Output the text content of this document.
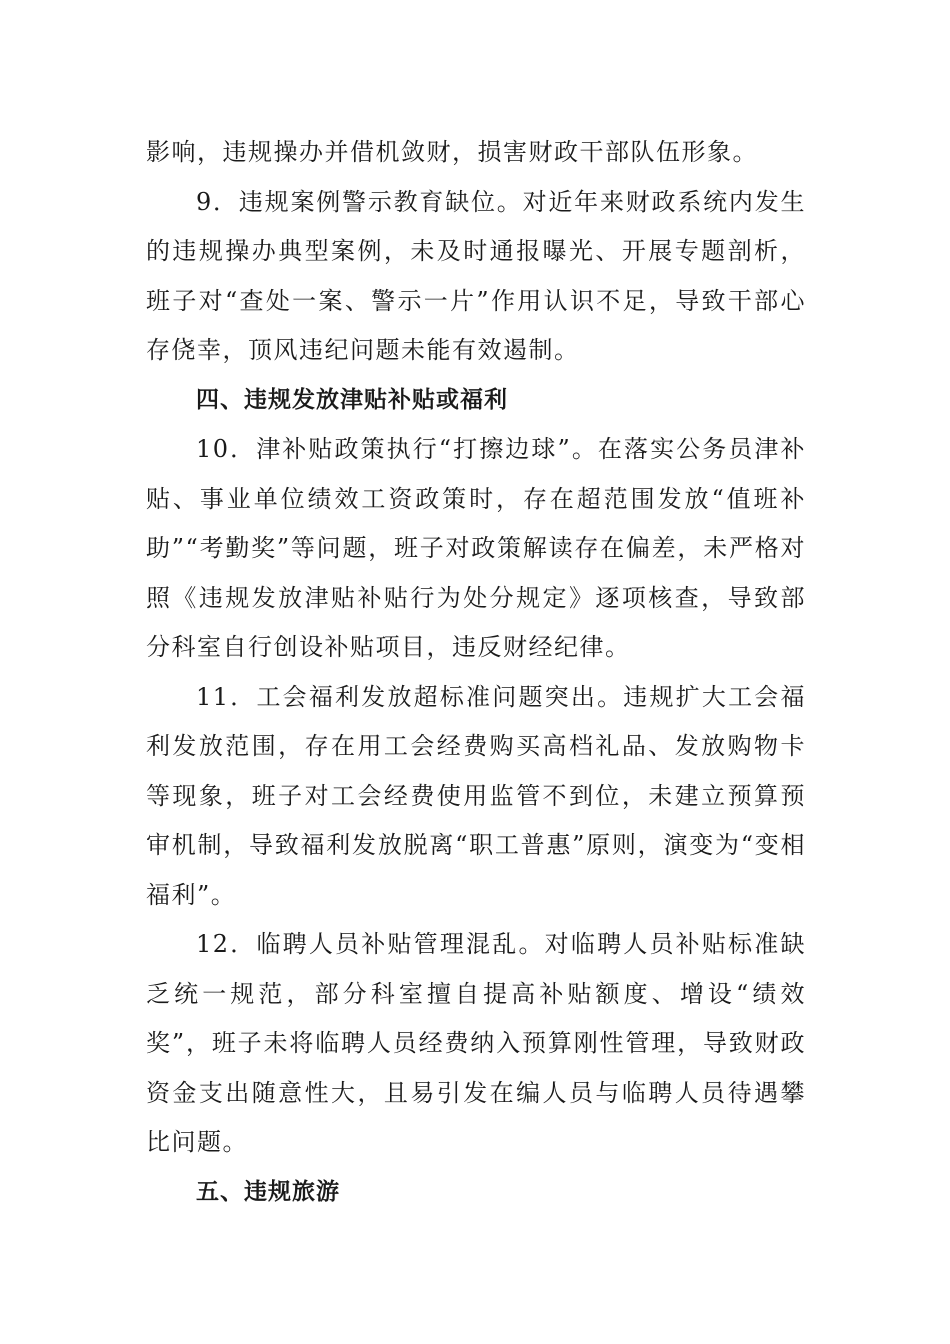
影响，违规操办并借机敛财，损害财政干部队伍形象。

9．违规案例警示教育缺位。对近年来财政系统内发生的违规操办典型案例，未及时通报曝光、开展专题剖析，班子对“查处一案、警示一片”作用认识不足，导致干部心存侥幸，顶风违纪问题未能有效遏制。

四、违规发放津贴补贴或福利

10．津补贴政策执行“打擦边球”。在落实公务员津补贴、事业单位绩效工资政策时，存在超范围发放“值班补助”“考勤奖”等问题，班子对政策解读存在偏差，未严格对照《违规发放津贴补贴行为处分规定》逐项核查，导致部分科室自行创设补贴项目，违反财经纪律。

11．工会福利发放超标准问题突出。违规扩大工会福利发放范围，存在用工会经费购买高档礼品、发放购物卡等现象，班子对工会经费使用监管不到位，未建立预算预审机制，导致福利发放脱离“职工普惠”原则，演变为“变相福利”。

12．临聘人员补贴管理混乱。对临聘人员补贴标准缺乏统一规范，部分科室擅自提高补贴额度、增设“绩效奖”，班子未将临聘人员经费纳入预算刚性管理，导致财政资金支出随意性大，且易引发在编人员与临聘人员待遇攀比问题。

五、违规旅游
